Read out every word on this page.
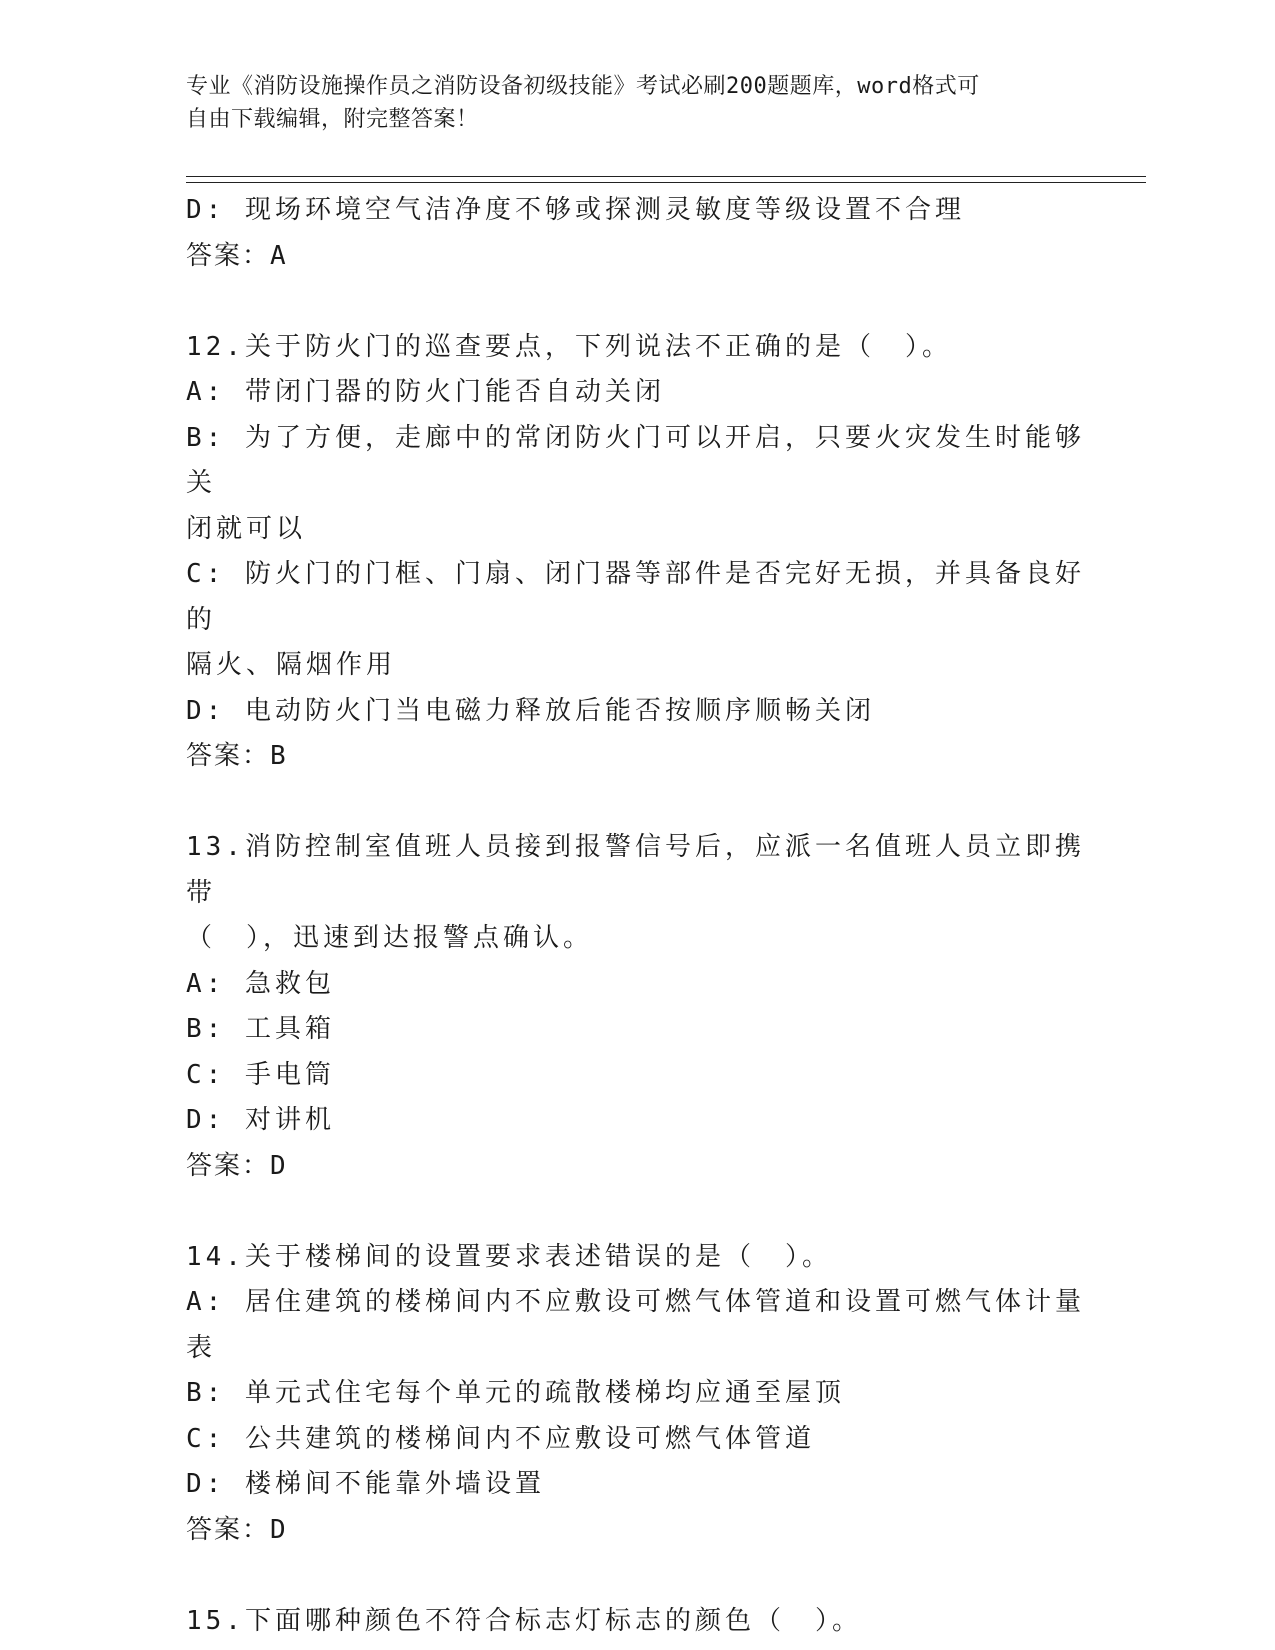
专业《消防设施操作员之消防设备初级技能》考试必刷200题题库，word格式可
自由下载编辑，附完整答案！
D: 现场环境空气洁净度不够或探测灵敏度等级设置不合理
答案：A
12.关于防火门的巡查要点，下列说法不正确的是（　）。
A: 带闭门器的防火门能否自动关闭
B: 为了方便，走廊中的常闭防火门可以开启，只要火灾发生时能够关
闭就可以
C: 防火门的门框、门扇、闭门器等部件是否完好无损，并具备良好的
隔火、隔烟作用
D: 电动防火门当电磁力释放后能否按顺序顺畅关闭
答案：B
13.消防控制室值班人员接到报警信号后，应派一名值班人员立即携带
（　），迅速到达报警点确认。
A: 急救包
B: 工具箱
C: 手电筒
D: 对讲机
答案：D
14.关于楼梯间的设置要求表述错误的是（　）。
A: 居住建筑的楼梯间内不应敷设可燃气体管道和设置可燃气体计量表
B: 单元式住宅每个单元的疏散楼梯均应通至屋顶
C: 公共建筑的楼梯间内不应敷设可燃气体管道
D: 楼梯间不能靠外墙设置
答案：D
15.下面哪种颜色不符合标志灯标志的颜色（　）。
